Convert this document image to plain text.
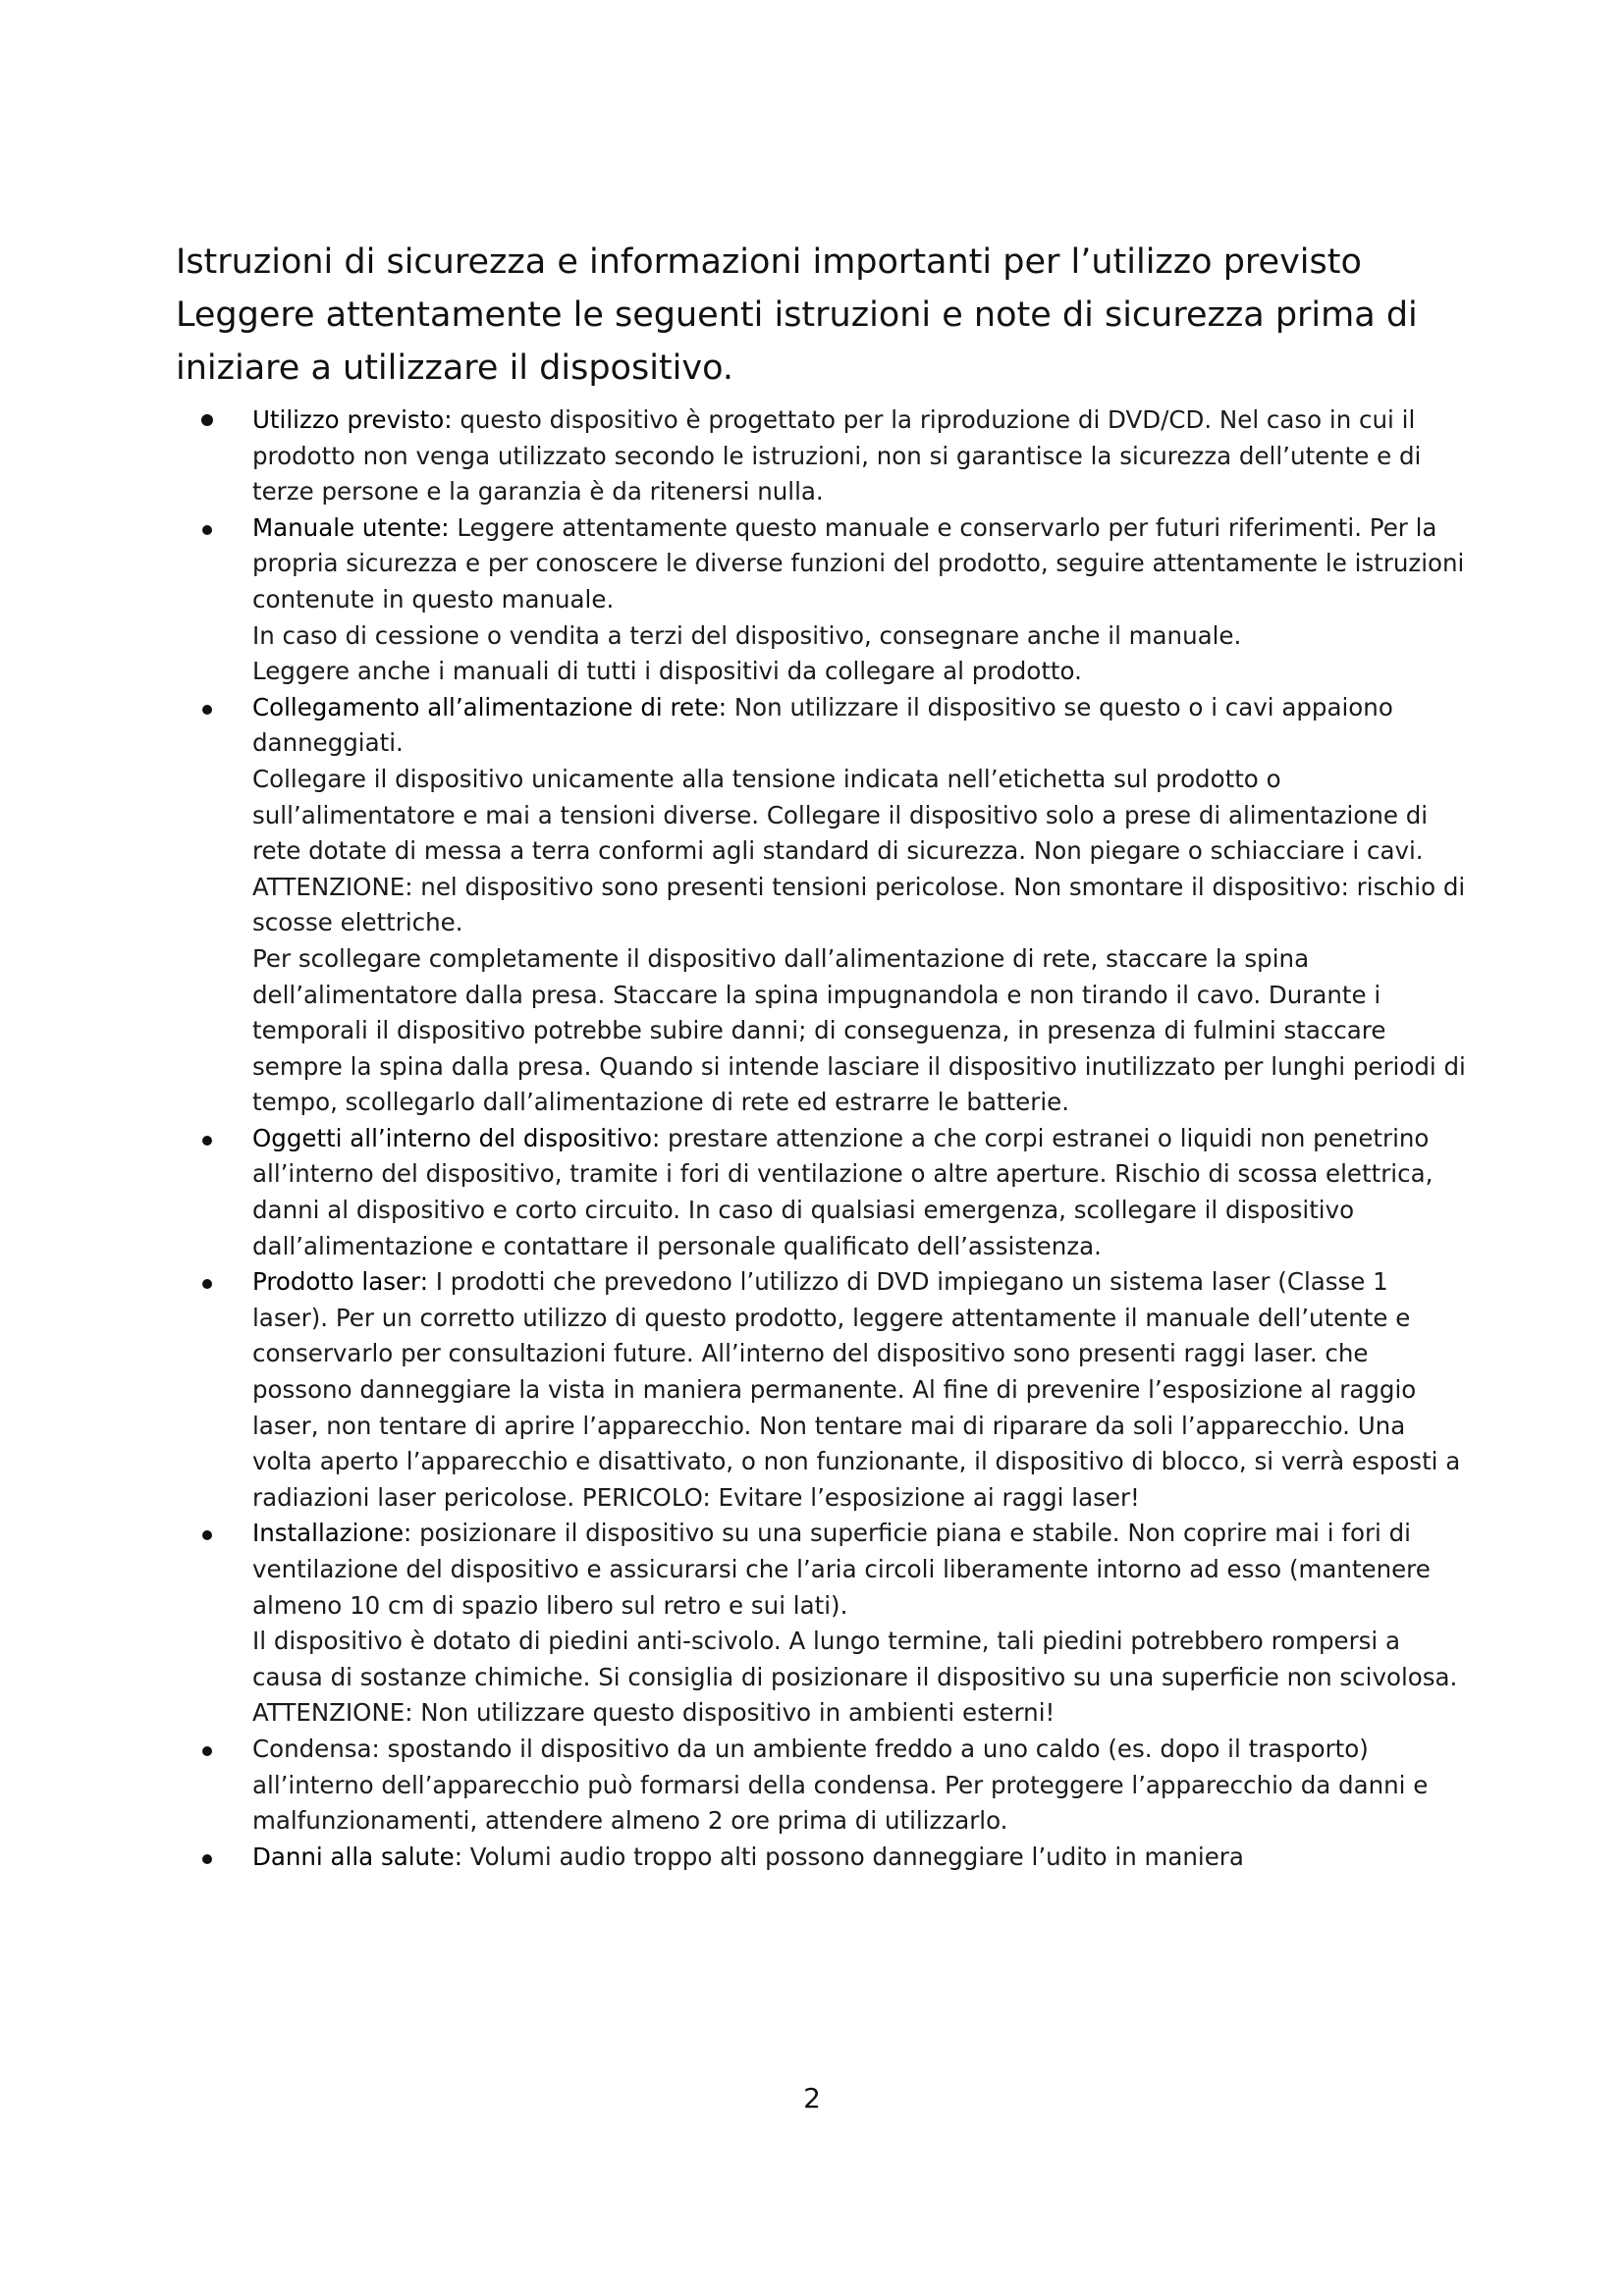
Istruzioni di sicurezza e informazioni importanti per l’utilizzo previsto
Leggere attentamente le seguenti istruzioni e note di sicurezza prima di
iniziare a utilizzare il dispositivo.

Utilizzo previsto: questo dispositivo è progettato per la riproduzione di DVD/CD. Nel caso in cui il prodotto non venga utilizzato secondo le istruzioni, non si garantisce la sicurezza dell’utente e di terze persone e la garanzia è da ritenersi nulla.

Manuale utente: Leggere attentamente questo manuale e conservarlo per futuri riferimenti. Per la propria sicurezza e per conoscere le diverse funzioni del prodotto, seguire attentamente le istruzioni contenute in questo manuale.

In caso di cessione o vendita a terzi del dispositivo, consegnare anche il manuale.

Leggere anche i manuali di tutti i dispositivi da collegare al prodotto.

Collegamento all’alimentazione di rete: Non utilizzare il dispositivo se questo o i cavi appaiono danneggiati.

Collegare il dispositivo unicamente alla tensione indicata nell’etichetta sul prodotto o sull’alimentatore e mai a tensioni diverse. Collegare il dispositivo solo a prese di alimentazione di rete dotate di messa a terra conformi agli standard di sicurezza. Non piegare o schiacciare i cavi.

ATTENZIONE: nel dispositivo sono presenti tensioni pericolose. Non smontare il dispositivo: rischio di scosse elettriche.

Per scollegare completamente il dispositivo dall’alimentazione di rete, staccare la spina dell’alimentatore dalla presa. Staccare la spina impugnandola e non tirando il cavo. Durante i temporali il dispositivo potrebbe subire danni; di conseguenza, in presenza di fulmini staccare sempre la spina dalla presa. Quando si intende lasciare il dispositivo inutilizzato per lunghi periodi di tempo, scollegarlo dall’alimentazione di rete ed estrarre le batterie.

Oggetti all’interno del dispositivo: prestare attenzione a che corpi estranei o liquidi non penetrino all’interno del dispositivo, tramite i fori di ventilazione o altre aperture. Rischio di scossa elettrica, danni al dispositivo e corto circuito. In caso di qualsiasi emergenza, scollegare il dispositivo dall’alimentazione e contattare il personale qualificato dell’assistenza.

Prodotto laser: I prodotti che prevedono l’utilizzo di DVD impiegano un sistema laser (Classe 1 laser). Per un corretto utilizzo di questo prodotto, leggere attentamente il manuale dell’utente e conservarlo per consultazioni future. All’interno del dispositivo sono presenti raggi laser. che possono danneggiare la vista in maniera permanente. Al fine di prevenire l’esposizione al raggio laser, non tentare di aprire l’apparecchio. Non tentare mai di riparare da soli l’apparecchio. Una volta aperto l’apparecchio e disattivato, o non funzionante, il dispositivo di blocco, si verrà esposti a radiazioni laser pericolose. PERICOLO: Evitare l’esposizione ai raggi laser!

Installazione: posizionare il dispositivo su una superficie piana e stabile. Non coprire mai i fori di ventilazione del dispositivo e assicurarsi che l’aria circoli liberamente intorno ad esso (mantenere almeno 10 cm di spazio libero sul retro e sui lati).

Il dispositivo è dotato di piedini anti-scivolo. A lungo termine, tali piedini potrebbero rompersi a causa di sostanze chimiche. Si consiglia di posizionare il dispositivo su una superficie non scivolosa.

ATTENZIONE: Non utilizzare questo dispositivo in ambienti esterni!

Condensa: spostando il dispositivo da un ambiente freddo a uno caldo (es. dopo il trasporto) all’interno dell’apparecchio può formarsi della condensa. Per proteggere l’apparecchio da danni e malfunzionamenti, attendere almeno 2 ore prima di utilizzarlo.

Danni alla salute: Volumi audio troppo alti possono danneggiare l’udito in maniera

2
